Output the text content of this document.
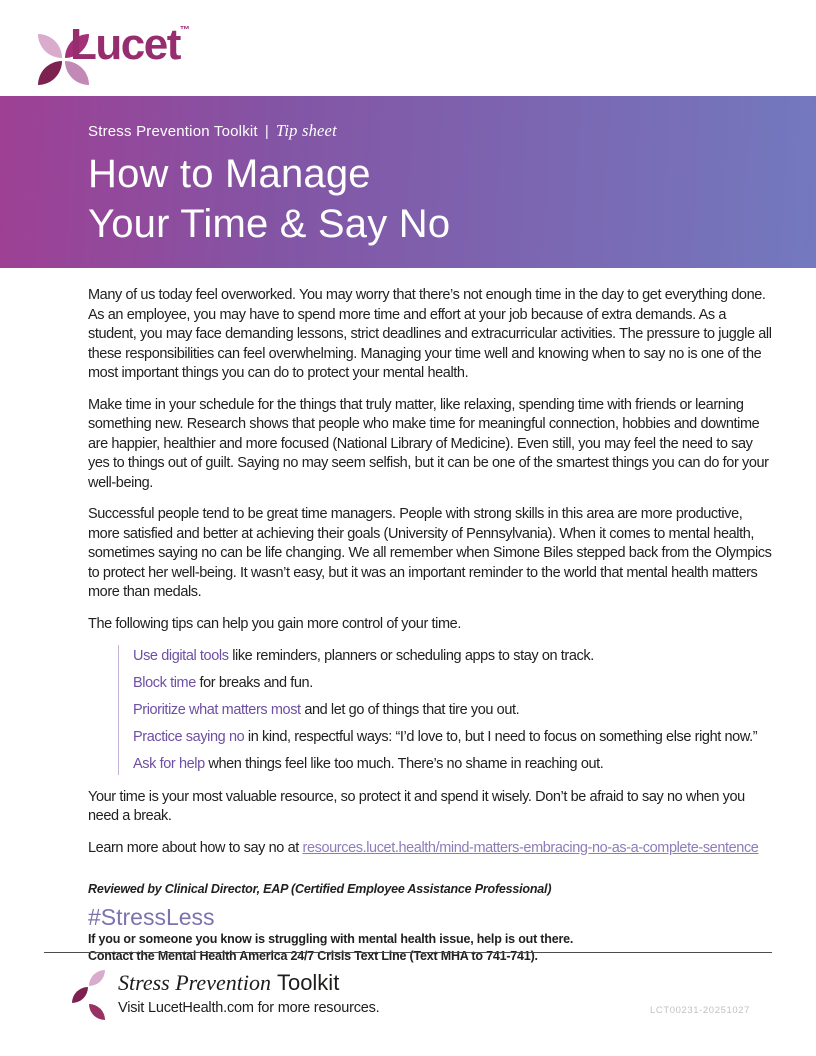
Lucet™
Stress Prevention Toolkit | Tip sheet
How to Manage
Your Time & Say No

Many of us today feel overworked. You may worry that there’s not enough time in the day to get everything done. As an employee, you may have to spend more time and effort at your job because of extra demands. As a student, you may face demanding lessons, strict deadlines and extracurricular activities. The pressure to juggle all these responsibilities can feel overwhelming. Managing your time well and knowing when to say no is one of the most important things you can do to protect your mental health.

Make time in your schedule for the things that truly matter, like relaxing, spending time with friends or learning something new. Research shows that people who make time for meaningful connection, hobbies and downtime are happier, healthier and more focused (National Library of Medicine). Even still, you may feel the need to say yes to things out of guilt. Saying no may seem selfish, but it can be one of the smartest things you can do for your well-being.

Successful people tend to be great time managers. People with strong skills in this area are more productive, more satisfied and better at achieving their goals (University of Pennsylvania). When it comes to mental health, sometimes saying no can be life changing. We all remember when Simone Biles stepped back from the Olympics to protect her well-being. It wasn’t easy, but it was an important reminder to the world that mental health matters more than medals.

The following tips can help you gain more control of your time.
Use digital tools like reminders, planners or scheduling apps to stay on track.
Block time for breaks and fun.
Prioritize what matters most and let go of things that tire you out.
Practice saying no in kind, respectful ways: “I’d love to, but I need to focus on something else right now.”
Ask for help when things feel like too much. There’s no shame in reaching out.

Your time is your most valuable resource, so protect it and spend it wisely. Don’t be afraid to say no when you need a break.

Learn more about how to say no at resources.lucet.health/mind-matters-embracing-no-as-a-complete-sentence
Reviewed by Clinical Director, EAP (Certified Employee Assistance Professional)
#StressLess
If you or someone you know is struggling with mental health issue, help is out there.
Contact the Mental Health America 24/7 Crisis Text Line (Text MHA to 741-741).
Stress Prevention Toolkit
Visit LucetHealth.com for more resources.	LCT00231-20251027
